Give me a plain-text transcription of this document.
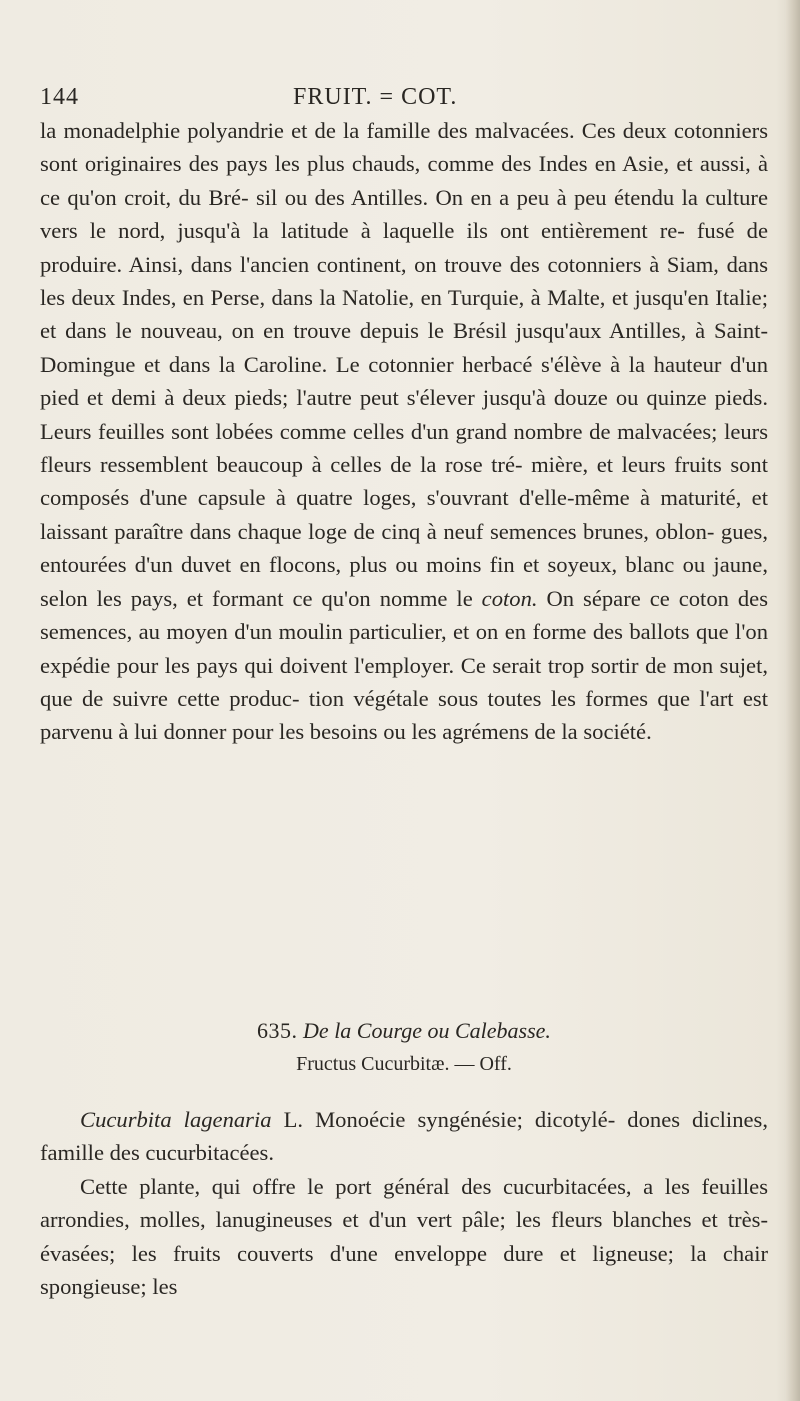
144	FRUIT. = COT.

la monadelphie polyandrie et de la famille des malvacées. Ces deux cotonniers sont originaires des pays les plus chauds, comme des Indes en Asie, et aussi, à ce qu'on croit, du Bré- sil ou des Antilles. On en a peu à peu étendu la culture vers le nord, jusqu'à la latitude à laquelle ils ont entièrement re- fusé de produire. Ainsi, dans l'ancien continent, on trouve des cotonniers à Siam, dans les deux Indes, en Perse, dans la Natolie, en Turquie, à Malte, et jusqu'en Italie; et dans le nouveau, on en trouve depuis le Brésil jusqu'aux Antilles, à Saint-Domingue et dans la Caroline. Le cotonnier herbacé s'élève à la hauteur d'un pied et demi à deux pieds; l'autre peut s'élever jusqu'à douze ou quinze pieds. Leurs feuilles sont lobées comme celles d'un grand nombre de malvacées; leurs fleurs ressemblent beaucoup à celles de la rose tré- mière, et leurs fruits sont composés d'une capsule à quatre loges, s'ouvrant d'elle-même à maturité, et laissant paraître dans chaque loge de cinq à neuf semences brunes, oblon- gues, entourées d'un duvet en flocons, plus ou moins fin et soyeux, blanc ou jaune, selon les pays, et formant ce qu'on nomme le coton. On sépare ce coton des semences, au moyen d'un moulin particulier, et on en forme des ballots que l'on expédie pour les pays qui doivent l'employer. Ce serait trop sortir de mon sujet, que de suivre cette produc- tion végétale sous toutes les formes que l'art est parvenu à lui donner pour les besoins ou les agrémens de la société.

635. De la Courge ou Calebasse.
Fructus Cucurbitæ. — Off.

Cucurbita lagenaria L. Monoécie syngénésie; dicotylé- dones diclines, famille des cucurbitacées.

Cette plante, qui offre le port général des cucurbitacées, a les feuilles arrondies, molles, lanugineuses et d'un vert pâle; les fleurs blanches et très-évasées; les fruits couverts d'une enveloppe dure et ligneuse; la chair spongieuse; les
